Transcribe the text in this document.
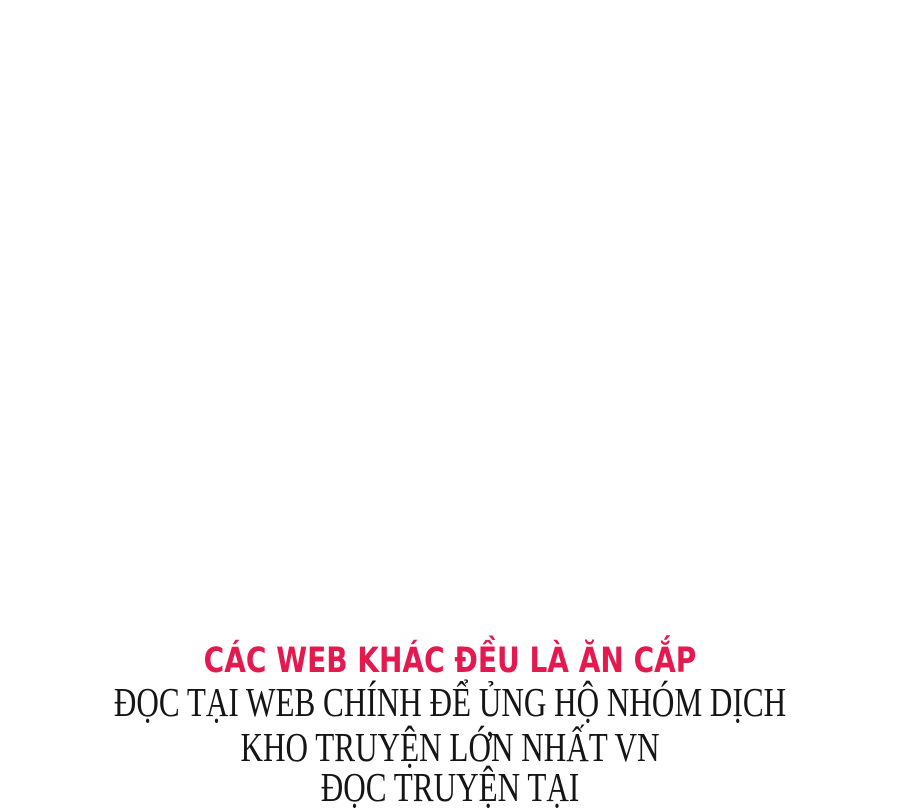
CÁC WEB KHÁC ĐỀU LÀ ĂN CẮP
ĐỌC TẠI WEB CHÍNH ĐỂ ỦNG HỘ NHÓM DỊCH
KHO TRUYỆN LỚN NHẤT VN
ĐỌC TRUYỆN TẠI
